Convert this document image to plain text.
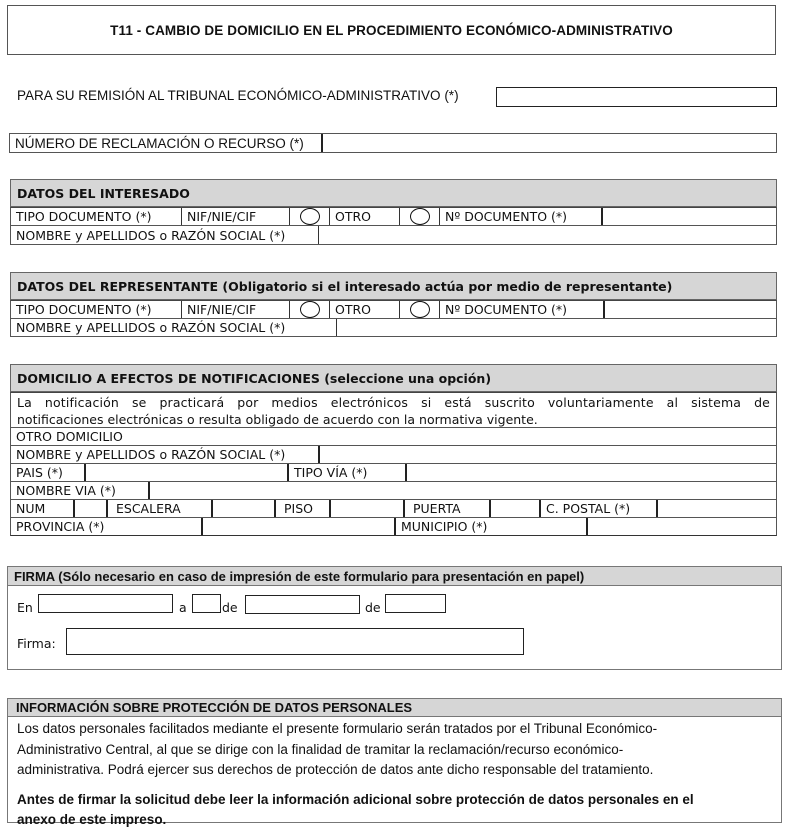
T11 - CAMBIO DE DOMICILIO EN EL PROCEDIMIENTO ECONÓMICO-ADMINISTRATIVO
PARA SU REMISIÓN AL TRIBUNAL ECONÓMICO-ADMINISTRATIVO (*)
NÚMERO DE RECLAMACIÓN O RECURSO (*)
DATOS DEL INTERESADO
TIPO DOCUMENTO (*)	NIF/NIE/CIF	OTRO	Nº DOCUMENTO (*)
NOMBRE y APELLIDOS o RAZÓN SOCIAL (*)
DATOS DEL REPRESENTANTE (Obligatorio si el interesado actúa por medio de representante)
TIPO DOCUMENTO (*)	NIF/NIE/CIF	OTRO	Nº DOCUMENTO (*)
NOMBRE y APELLIDOS o RAZÓN SOCIAL (*)
DOMICILIO A EFECTOS DE NOTIFICACIONES (seleccione una opción)
La notificación se practicará por medios electrónicos si está suscrito voluntariamente al sistema de
notificaciones electrónicas o resulta obligado de acuerdo con la normativa vigente.
OTRO DOMICILIO
NOMBRE y APELLIDOS o RAZÓN SOCIAL (*)
PAIS (*)	TIPO VÍA (*)
NOMBRE VIA (*)
NUM	ESCALERA	PISO	PUERTA	C. POSTAL (*)
PROVINCIA (*)	MUNICIPIO (*)
FIRMA (Sólo necesario en caso de impresión de este formulario para presentación en papel)
En	a	de	de
Firma:
INFORMACIÓN SOBRE PROTECCIÓN DE DATOS PERSONALES
Los datos personales facilitados mediante el presente formulario serán tratados por el Tribunal Económico-
Administrativo Central, al que se dirige con la finalidad de tramitar la reclamación/recurso económico-
administrativa. Podrá ejercer sus derechos de protección de datos ante dicho responsable del tratamiento.
Antes de firmar la solicitud debe leer la información adicional sobre protección de datos personales en el
anexo de este impreso.
